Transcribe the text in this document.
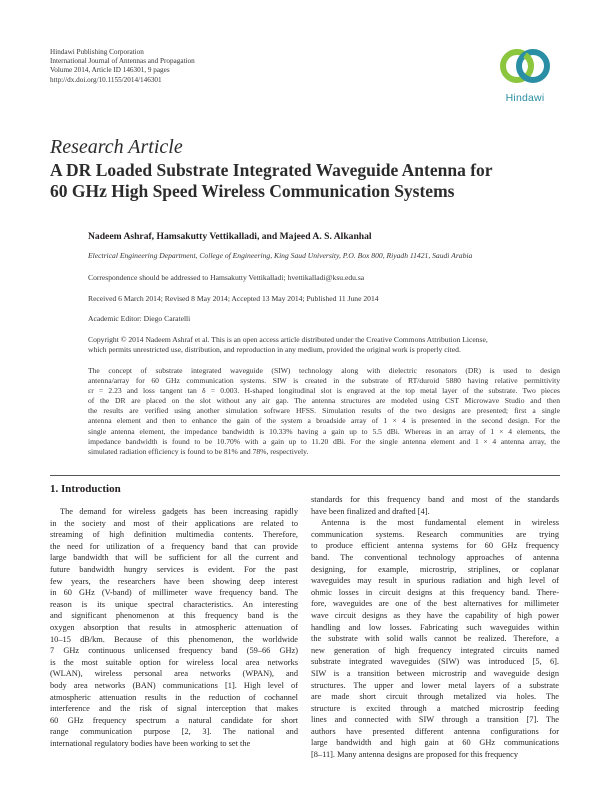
Hindawi Publishing Corporation
International Journal of Antennas and Propagation
Volume 2014, Article ID 146301, 9 pages
http://dx.doi.org/10.1155/2014/146301
Hindawi
Research Article
A DR Loaded Substrate Integrated Waveguide Antenna for
60 GHz High Speed Wireless Communication Systems
Nadeem Ashraf, Hamsakutty Vettikalladi, and Majeed A. S. Alkanhal
Electrical Engineering Department, College of Engineering, King Saud University, P.O. Box 800, Riyadh 11421, Saudi Arabia
Correspondence should be addressed to Hamsakutty Vettikalladi; hvettikalladi@ksu.edu.sa
Received 6 March 2014; Revised 8 May 2014; Accepted 13 May 2014; Published 11 June 2014
Academic Editor: Diego Caratelli
Copyright © 2014 Nadeem Ashraf et al. This is an open access article distributed under the Creative Commons Attribution License,
which permits unrestricted use, distribution, and reproduction in any medium, provided the original work is properly cited.
The concept of substrate integrated waveguide (SIW) technology along with dielectric resonators (DR) is used to design
antenna/array for 60 GHz communication systems. SIW is created in the substrate of RT/duroid 5880 having relative permittivity
εr = 2.23 and loss tangent tan δ = 0.003. H-shaped longitudinal slot is engraved at the top metal layer of the substrate. Two pieces
of the DR are placed on the slot without any air gap. The antenna structures are modeled using CST Microwave Studio and then
the results are verified using another simulation software HFSS. Simulation results of the two designs are presented; first a single
antenna element and then to enhance the gain of the system a broadside array of 1 × 4 is presented in the second design. For the
single antenna element, the impedance bandwidth is 10.33% having a gain up to 5.5 dBi. Whereas in an array of 1 × 4 elements, the
impedance bandwidth is found to be 10.70% with a gain up to 11.20 dBi. For the single antenna element and 1 × 4 antenna array, the
simulated radiation efficiency is found to be 81% and 78%, respectively.
1. Introduction
The demand for wireless gadgets has been increasing rapidly
in the society and most of their applications are related to
streaming of high definition multimedia contents. Therefore,
the need for utilization of a frequency band that can provide
large bandwidth that will be sufficient for all the current and
future bandwidth hungry services is evident. For the past
few years, the researchers have been showing deep interest
in 60 GHz (V-band) of millimeter wave frequency band. The
reason is its unique spectral characteristics. An interesting
and significant phenomenon at this frequency band is the
oxygen absorption that results in atmospheric attenuation of
10–15 dB/km. Because of this phenomenon, the worldwide
7 GHz continuous unlicensed frequency band (59–66 GHz)
is the most suitable option for wireless local area networks
(WLAN), wireless personal area networks (WPAN), and
body area networks (BAN) communications [1]. High level of
atmospheric attenuation results in the reduction of cochannel
interference and the risk of signal interception that makes
60 GHz frequency spectrum a natural candidate for short
range communication purpose [2, 3]. The national and
international regulatory bodies have been working to set the
standards for this frequency band and most of the standards
have been finalized and drafted [4].
Antenna is the most fundamental element in wireless
communication systems. Research communities are trying
to produce efficient antenna systems for 60 GHz frequency
band. The conventional technology approaches of antenna
designing, for example, microstrip, striplines, or coplanar
waveguides may result in spurious radiation and high level of
ohmic losses in circuit designs at this frequency band. There-
fore, waveguides are one of the best alternatives for millimeter
wave circuit designs as they have the capability of high power
handling and low losses. Fabricating such waveguides within
the substrate with solid walls cannot be realized. Therefore, a
new generation of high frequency integrated circuits named
substrate integrated waveguides (SIW) was introduced [5, 6].
SIW is a transition between microstrip and waveguide design
structures. The upper and lower metal layers of a substrate
are made short circuit through metalized via holes. The
structure is excited through a matched microstrip feeding
lines and connected with SIW through a transition [7]. The
authors have presented different antenna configurations for
large bandwidth and high gain at 60 GHz communications
[8–11]. Many antenna designs are proposed for this frequency
